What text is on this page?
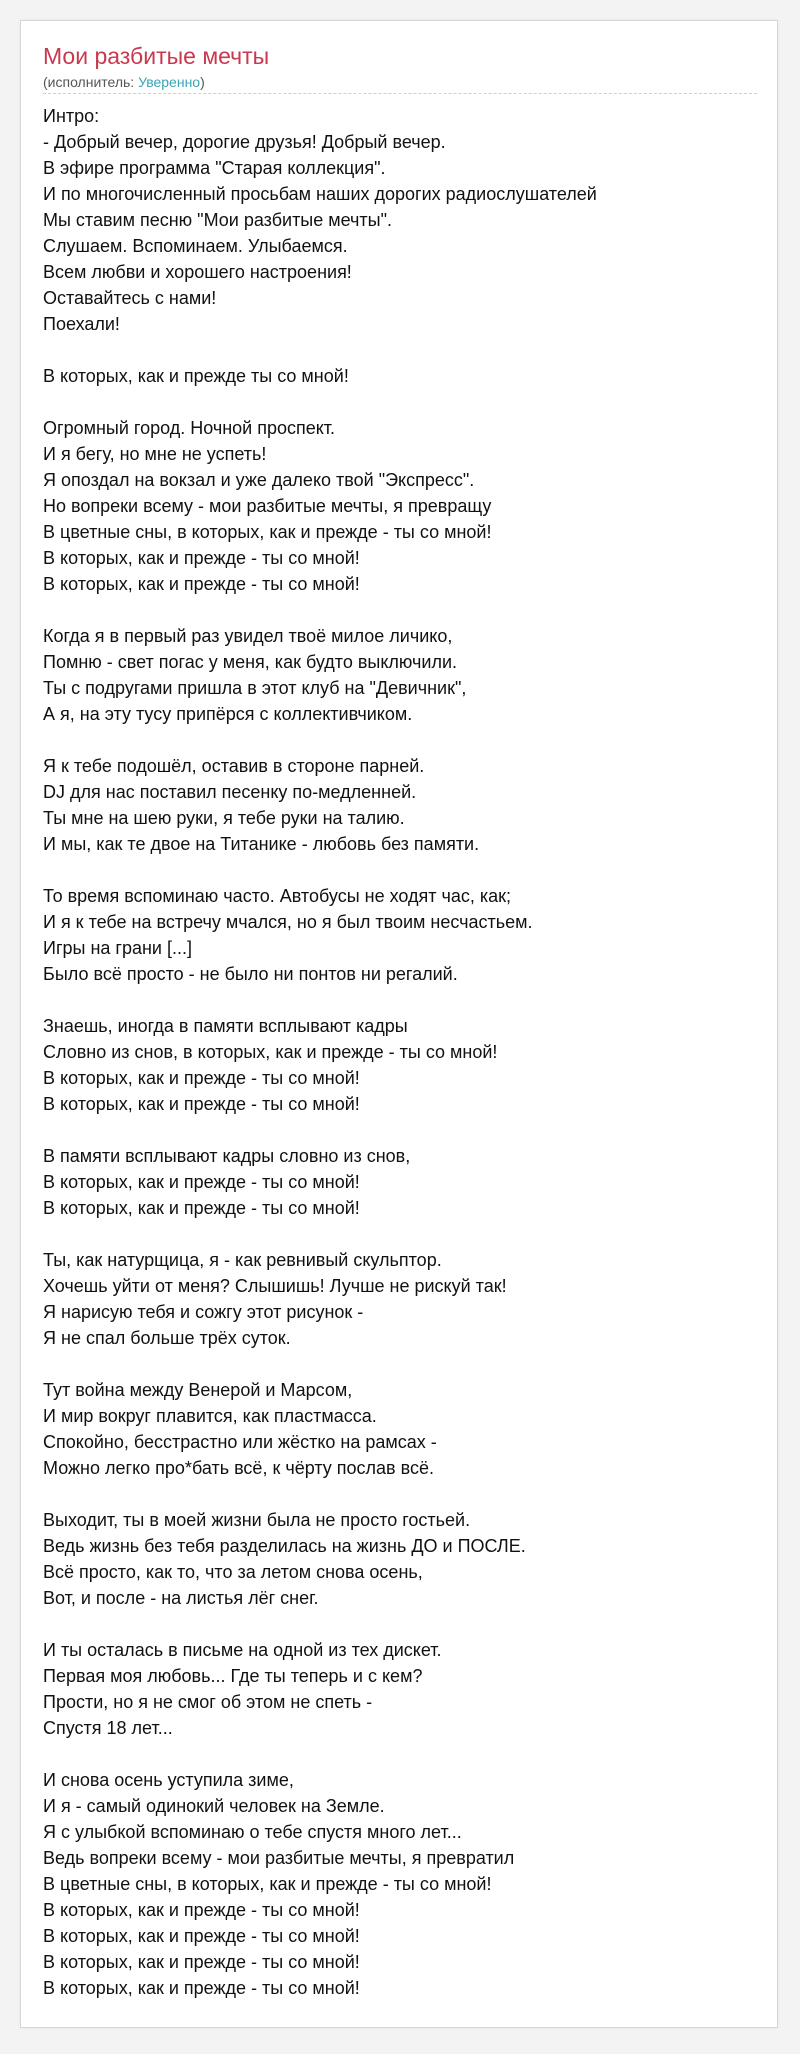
Мои разбитые мечты
(исполнитель: Уверенно)
Интро:
- Добрый вечер, дорогие друзья! Добрый вечер.
В эфире программа "Старая коллекция".
И по многочисленный просьбам наших дорогих радиослушателей
Мы ставим песню "Мои разбитые мечты".
Слушаем. Вспоминаем. Улыбаемся.
Всем любви и хорошего настроения!
Оставайтесь с нами!
Поехали!
В которых, как и прежде ты со мной!
Огромный город. Ночной проспект.
И я бегу, но мне не успеть!
Я опоздал на вокзал и уже далеко твой "Экспресс".
Но вопреки всему - мои разбитые мечты, я превращу
В цветные сны, в которых, как и прежде - ты со мной!
В которых, как и прежде - ты со мной!
В которых, как и прежде - ты со мной!
Когда я в первый раз увидел твоё милое личико,
Помню - свет погас у меня, как будто выключили.
Ты с подругами пришла в этот клуб на "Девичник",
А я, на эту тусу припёрся с коллективчиком.
Я к тебе подошёл, оставив в стороне парней.
DJ для нас поставил песенку по-медленней.
Ты мне на шею руки, я тебе руки на талию.
И мы, как те двое на Титанике - любовь без памяти.
То время вспоминаю часто. Автобусы не ходят час, как;
И я к тебе на встречу мчался, но я был твоим несчастьем.
Игры на грани [...]
Было всё просто - не было ни понтов ни регалий.
Знаешь, иногда в памяти всплывают кадры
Словно из снов, в которых, как и прежде - ты со мной!
В которых, как и прежде - ты со мной!
В которых, как и прежде - ты со мной!
В памяти всплывают кадры словно из снов,
В которых, как и прежде - ты со мной!
В которых, как и прежде - ты со мной!
Ты, как натурщица, я - как ревнивый скульптор.
Хочешь уйти от меня? Слышишь! Лучше не рискуй так!
Я нарисую тебя и сожгу этот рисунок -
Я не спал больше трёх суток.
Тут война между Венерой и Марсом,
И мир вокруг плавится, как пластмасса.
Спокойно, бесстрастно или жёстко на рамсах -
Можно легко про*бать всё, к чёрту послав всё.
Выходит, ты в моей жизни была не просто гостьей.
Ведь жизнь без тебя разделилась на жизнь ДО и ПОСЛЕ.
Всё просто, как то, что за летом снова осень,
Вот, и после - на листья лёг снег.
И ты осталась в письме на одной из тех дискет.
Первая моя любовь... Где ты теперь и с кем?
Прости, но я не смог об этом не спеть -
Спустя 18 лет...
И снова осень уступила зиме,
И я - самый одинокий человек на Земле.
Я с улыбкой вспоминаю о тебе спустя много лет...
Ведь вопреки всему - мои разбитые мечты, я превратил
В цветные сны, в которых, как и прежде - ты со мной!
В которых, как и прежде - ты со мной!
В которых, как и прежде - ты со мной!
В которых, как и прежде - ты со мной!
В которых, как и прежде - ты со мной!
